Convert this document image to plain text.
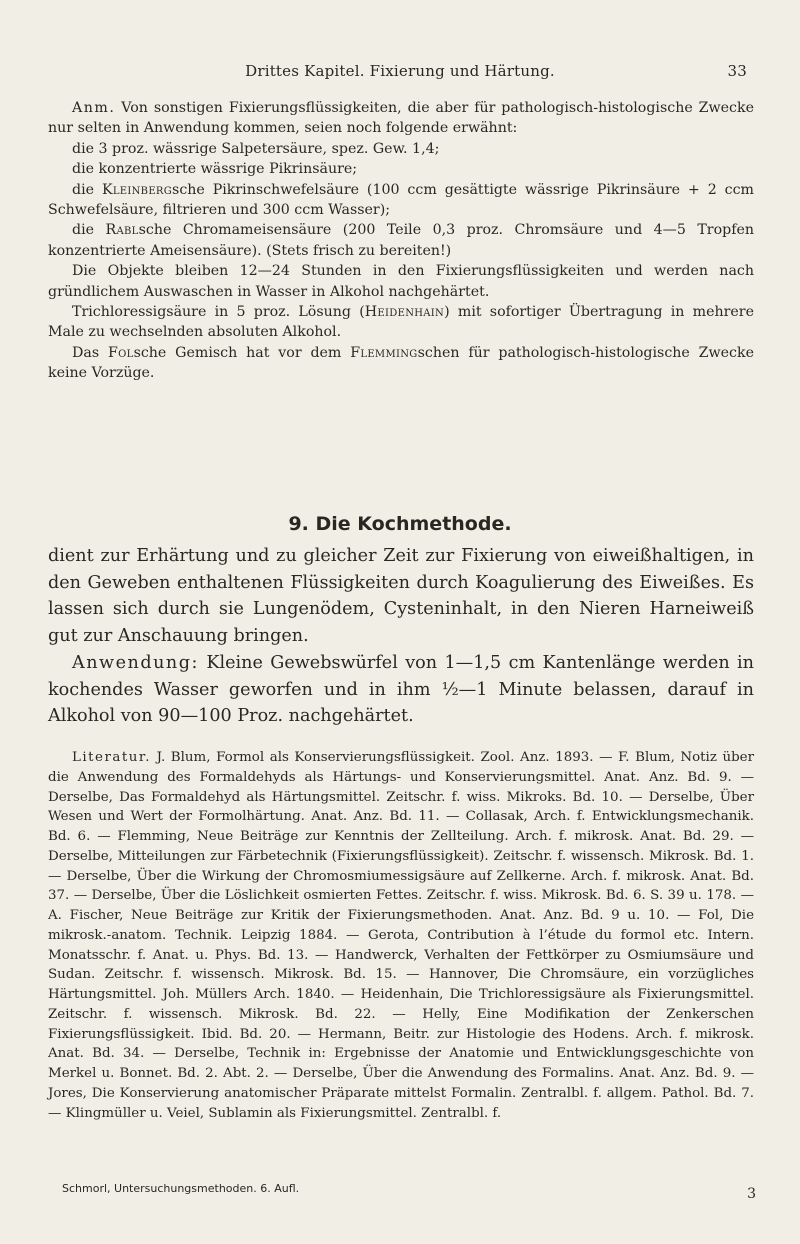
Drittes Kapitel. Fixierung und Härtung.	33

Anm. Von sonstigen Fixierungsflüssigkeiten, die aber für pathologisch-histologische Zwecke nur selten in Anwendung kommen, seien noch folgende erwähnt:

die 3 proz. wässrige Salpetersäure, spez. Gew. 1,4;

die konzentrierte wässrige Pikrinsäure;

die Kleinbergsche Pikrinschwefelsäure (100 ccm gesättigte wässrige Pikrinsäure + 2 ccm Schwefelsäure, filtrieren und 300 ccm Wasser);

die Rablsche Chromameisensäure (200 Teile 0,3 proz. Chromsäure und 4—5 Tropfen konzentrierte Ameisensäure). (Stets frisch zu bereiten!)

Die Objekte bleiben 12—24 Stunden in den Fixierungsflüssigkeiten und werden nach gründlichem Auswaschen in Wasser in Alkohol nachgehärtet.

Trichloressigsäure in 5 proz. Lösung (Heidenhain) mit sofortiger Übertragung in mehrere Male zu wechselnden absoluten Alkohol.

Das Folsche Gemisch hat vor dem Flemmingschen für pathologisch-histologische Zwecke keine Vorzüge.

9. Die Kochmethode.

dient zur Erhärtung und zu gleicher Zeit zur Fixierung von eiweißhaltigen, in den Geweben enthaltenen Flüssigkeiten durch Koagulierung des Eiweißes. Es lassen sich durch sie Lungenödem, Cysteninhalt, in den Nieren Harneiweiß gut zur Anschauung bringen.

Anwendung: Kleine Gewebswürfel von 1—1,5 cm Kantenlänge werden in kochendes Wasser geworfen und in ihm ½—1 Minute belassen, darauf in Alkohol von 90—100 Proz. nachgehärtet.

Literatur. J. Blum, Formol als Konservierungsflüssigkeit. Zool. Anz. 1893. — F. Blum, Notiz über die Anwendung des Formaldehyds als Härtungs- und Konservierungsmittel. Anat. Anz. Bd. 9. — Derselbe, Das Formaldehyd als Härtungsmittel. Zeitschr. f. wiss. Mikroks. Bd. 10. — Derselbe, Über Wesen und Wert der Formolhärtung. Anat. Anz. Bd. 11. — Collasak, Arch. f. Entwicklungsmechanik. Bd. 6. — Flemming, Neue Beiträge zur Kenntnis der Zellteilung. Arch. f. mikrosk. Anat. Bd. 29. — Derselbe, Mitteilungen zur Färbetechnik (Fixierungsflüssigkeit). Zeitschr. f. wissensch. Mikrosk. Bd. 1. — Derselbe, Über die Wirkung der Chromosmiumessigsäure auf Zellkerne. Arch. f. mikrosk. Anat. Bd. 37. — Derselbe, Über die Löslichkeit osmierten Fettes. Zeitschr. f. wiss. Mikrosk. Bd. 6. S. 39 u. 178. — A. Fischer, Neue Beiträge zur Kritik der Fixierungsmethoden. Anat. Anz. Bd. 9 u. 10. — Fol, Die mikrosk.-anatom. Technik. Leipzig 1884. — Gerota, Contribution à l’étude du formol etc. Intern. Monatsschr. f. Anat. u. Phys. Bd. 13. — Handwerck, Verhalten der Fettkörper zu Osmiumsäure und Sudan. Zeitschr. f. wissensch. Mikrosk. Bd. 15. — Hannover, Die Chromsäure, ein vorzügliches Härtungsmittel. Joh. Müllers Arch. 1840. — Heidenhain, Die Trichloressigsäure als Fixierungsmittel. Zeitschr. f. wissensch. Mikrosk. Bd. 22. — Helly, Eine Modifikation der Zenkerschen Fixierungsflüssigkeit. Ibid. Bd. 20. — Hermann, Beitr. zur Histologie des Hodens. Arch. f. mikrosk. Anat. Bd. 34. — Derselbe, Technik in: Ergebnisse der Anatomie und Entwicklungsgeschichte von Merkel u. Bonnet. Bd. 2. Abt. 2. — Derselbe, Über die Anwendung des Formalins. Anat. Anz. Bd. 9. — Jores, Die Konservierung anatomischer Präparate mittelst Formalin. Zentralbl. f. allgem. Pathol. Bd. 7. — Klingmüller u. Veiel, Sublamin als Fixierungsmittel. Zentralbl. f.

Schmorl, Untersuchungsmethoden. 6. Aufl.	3
